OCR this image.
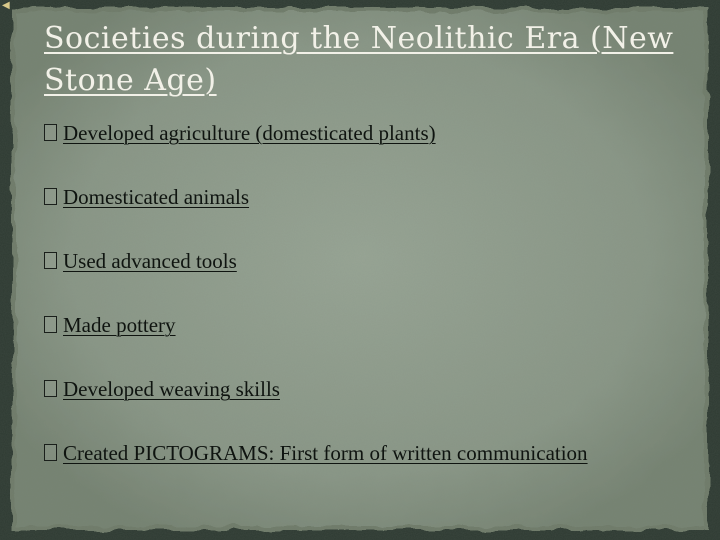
◀
Societies during the Neolithic Era (New Stone Age)
Developed agriculture (domesticated plants)
Domesticated animals
Used advanced tools
Made pottery
Developed weaving skills
Created PICTOGRAMS: First form of written communication
